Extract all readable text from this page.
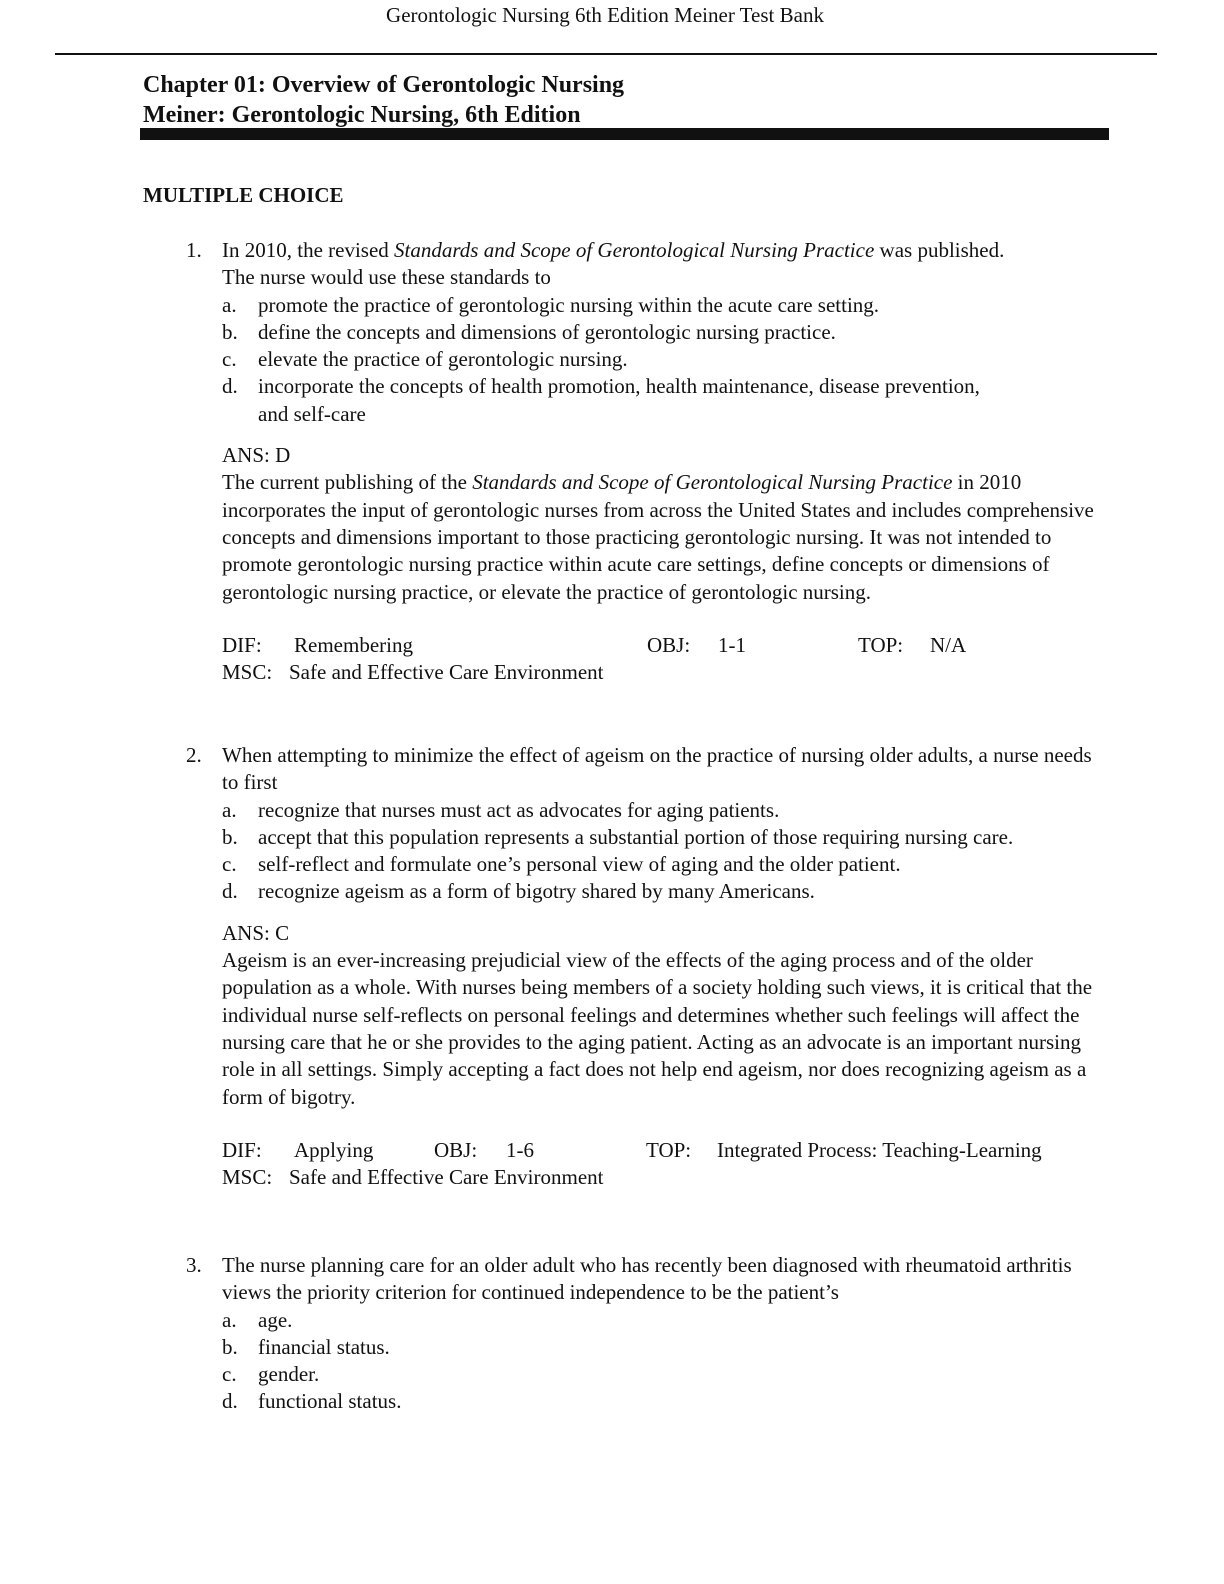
Gerontologic Nursing 6th Edition Meiner Test Bank

Chapter 01: Overview of Gerontologic Nursing

Meiner: Gerontologic Nursing, 6th Edition

MULTIPLE CHOICE
1. In 2010, the revised Standards and Scope of Gerontological Nursing Practice was published. The nurse would use these standards to

a. promote the practice of gerontologic nursing within the acute care setting.
b. define the concepts and dimensions of gerontologic nursing practice.
c. elevate the practice of gerontologic nursing.
d. incorporate the concepts of health promotion, health maintenance, disease prevention, and self-care

ANS: D

The current publishing of the Standards and Scope of Gerontological Nursing Practice in 2010 incorporates the input of gerontologic nurses from across the United States and includes comprehensive concepts and dimensions important to those practicing gerontologic nursing. It was not intended to promote gerontologic nursing practice within acute care settings, define concepts or dimensions of gerontologic nursing practice, or elevate the practice of gerontologic nursing.

DIF: Remembering	OBJ: 1-1	TOP: N/A
MSC: Safe and Effective Care Environment
2. When attempting to minimize the effect of ageism on the practice of nursing older adults, a nurse needs to first

a. recognize that nurses must act as advocates for aging patients.
b. accept that this population represents a substantial portion of those requiring nursing care.
c. self-reflect and formulate one’s personal view of aging and the older patient.
d. recognize ageism as a form of bigotry shared by many Americans.

ANS: C

Ageism is an ever-increasing prejudicial view of the effects of the aging process and of the older population as a whole. With nurses being members of a society holding such views, it is critical that the individual nurse self-reflects on personal feelings and determines whether such feelings will affect the nursing care that he or she provides to the aging patient. Acting as an advocate is an important nursing role in all settings. Simply accepting a fact does not help end ageism, nor does recognizing ageism as a form of bigotry.

DIF: Applying	OBJ: 1-6	TOP: Integrated Process: Teaching-Learning
MSC: Safe and Effective Care Environment
3. The nurse planning care for an older adult who has recently been diagnosed with rheumatoid arthritis views the priority criterion for continued independence to be the patient’s

a. age.
b. financial status.
c. gender.
d. functional status.
